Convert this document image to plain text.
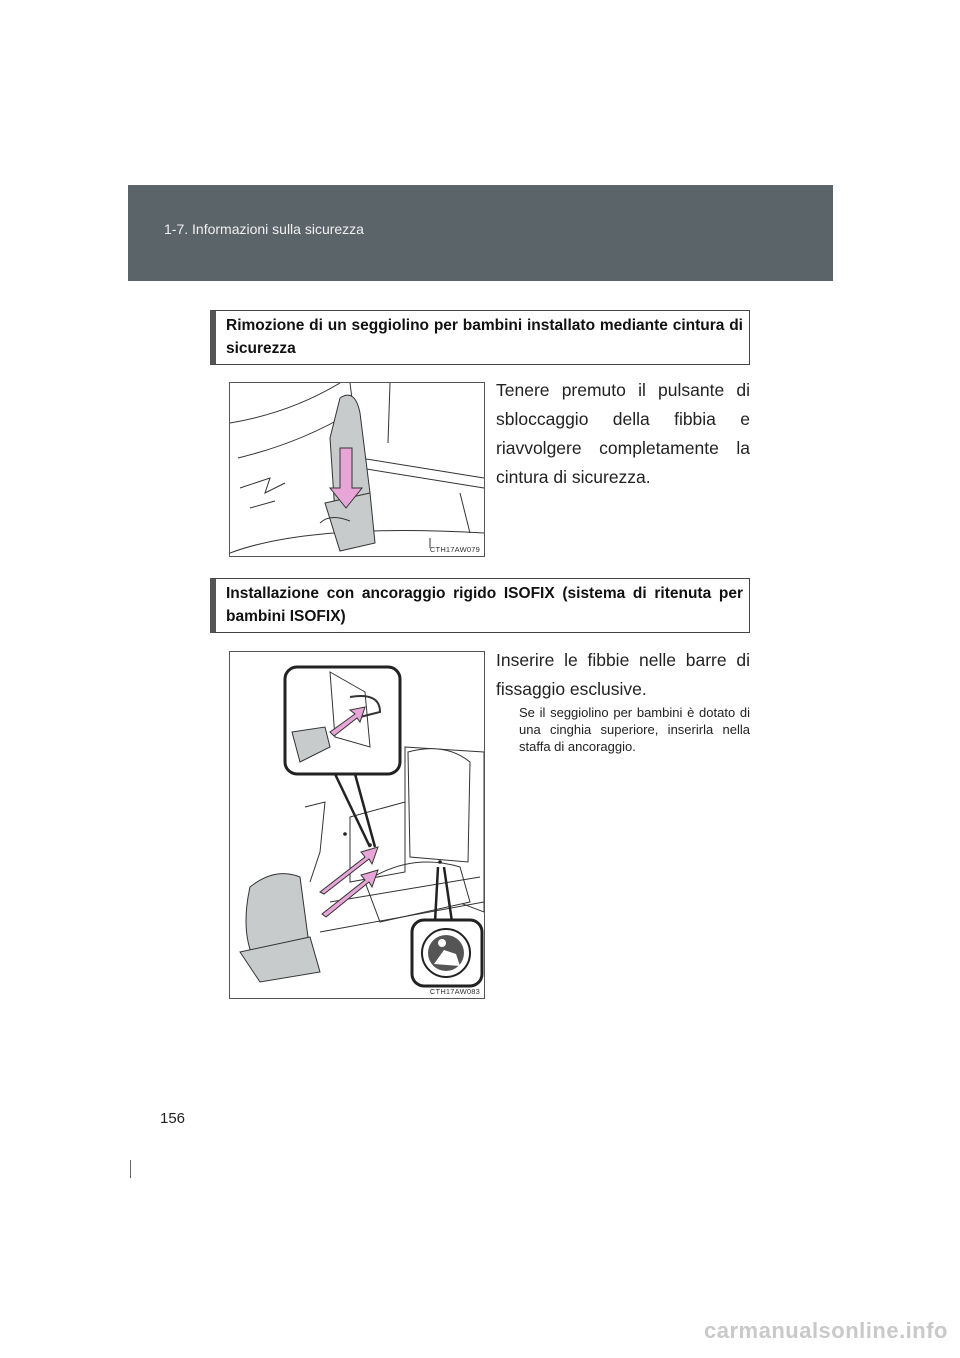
1-7. Informazioni sulla sicurezza
Rimozione di un seggiolino per bambini installato mediante cintura di sicurezza
CTH17AW079
Tenere premuto il pulsante di sbloccaggio della fibbia e riavvolgere completamente la cintura di sicurezza.
Installazione con ancoraggio rigido ISOFIX (sistema di ritenuta per bambini ISOFIX)
CTH17AW083
Inserire le fibbie nelle barre di fissaggio esclusive.
Se il seggiolino per bambini è dotato di una cinghia superiore, inserirla nella staffa di ancoraggio.
156
carmanualsonline.info
